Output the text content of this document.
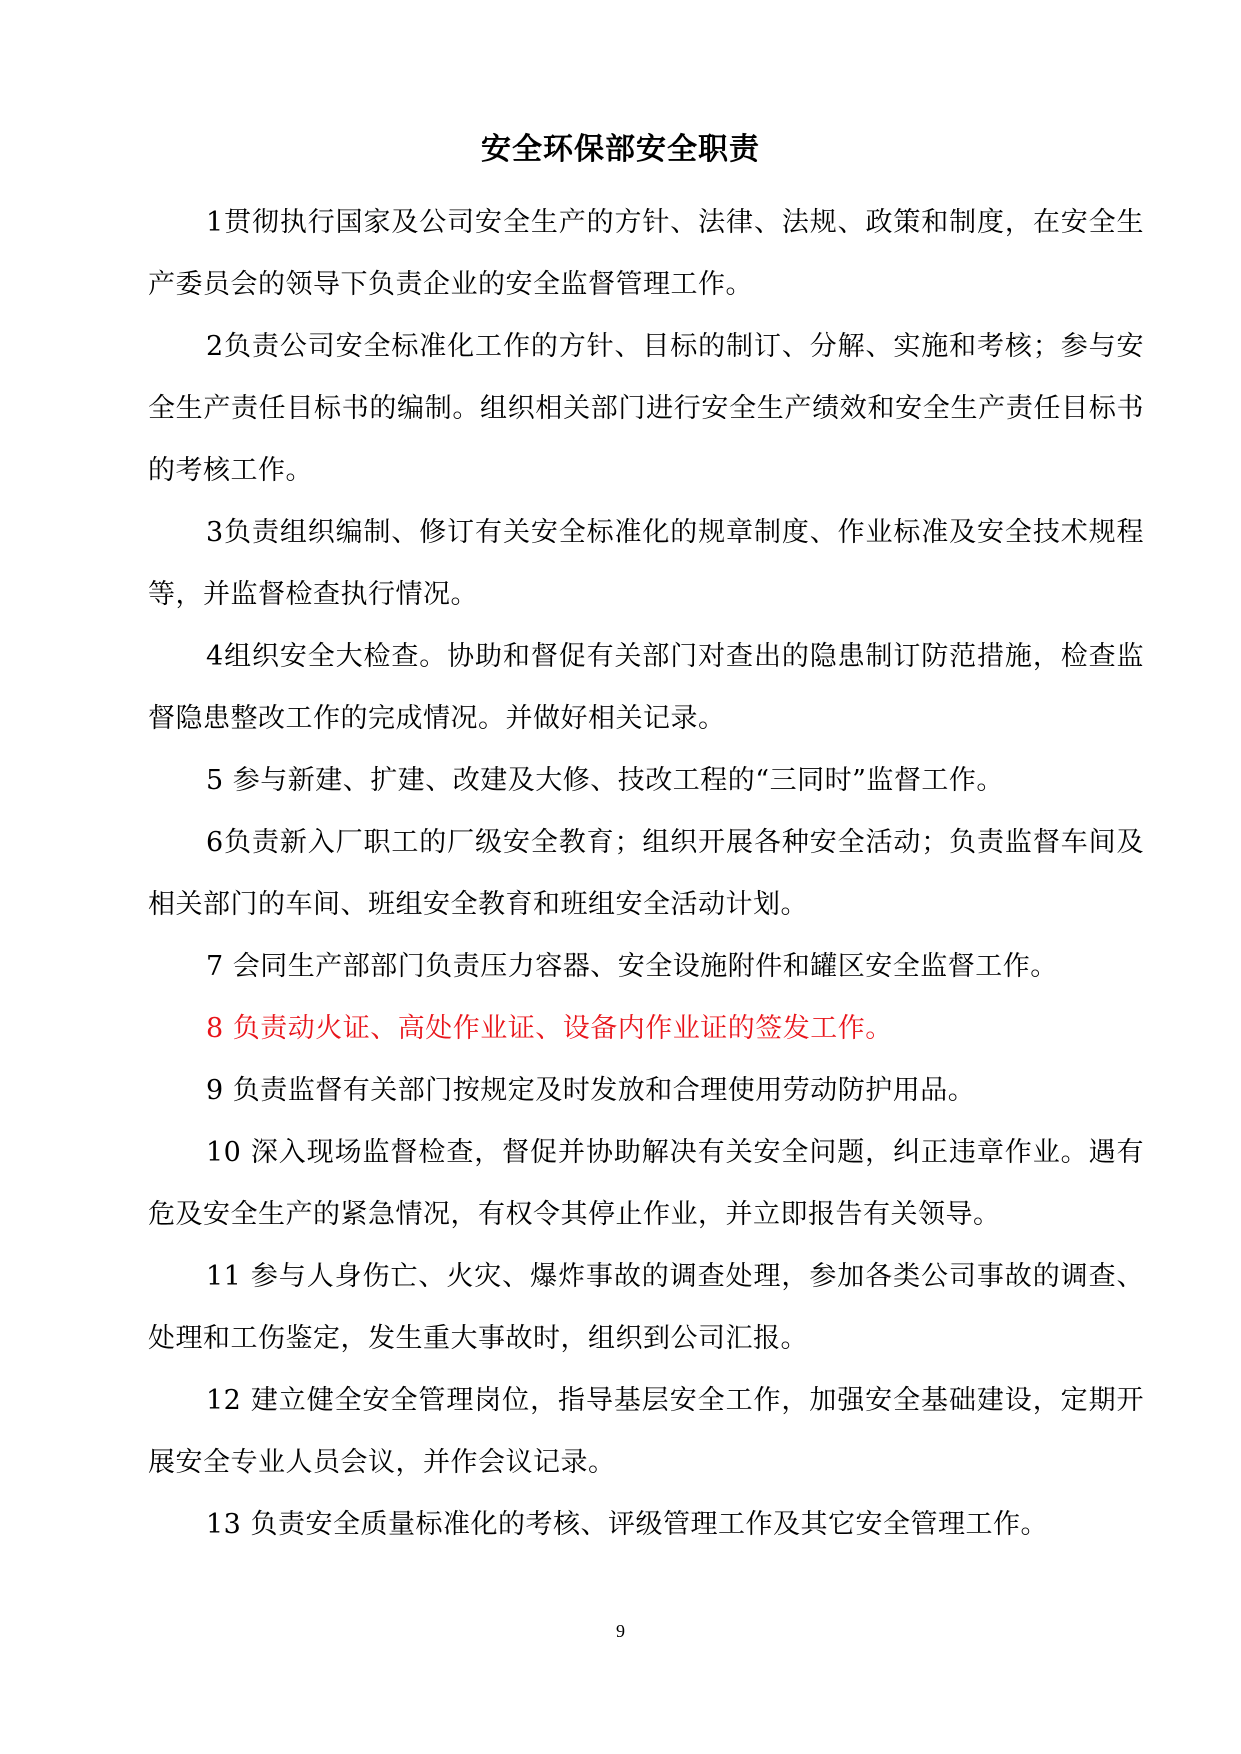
安全环保部安全职责

1贯彻执行国家及公司安全生产的方针、法律、法规、政策和制度，在安全生产委员会的领导下负责企业的安全监督管理工作。

2负责公司安全标准化工作的方针、目标的制订、分解、实施和考核；参与安全生产责任目标书的编制。组织相关部门进行安全生产绩效和安全生产责任目标书的考核工作。

3负责组织编制、修订有关安全标准化的规章制度、作业标准及安全技术规程等，并监督检查执行情况。

4组织安全大检查。协助和督促有关部门对查出的隐患制订防范措施，检查监督隐患整改工作的完成情况。并做好相关记录。

5 参与新建、扩建、改建及大修、技改工程的“三同时”监督工作。

6负责新入厂职工的厂级安全教育；组织开展各种安全活动；负责监督车间及相关部门的车间、班组安全教育和班组安全活动计划。

7 会同生产部部门负责压力容器、安全设施附件和罐区安全监督工作。

8 负责动火证、高处作业证、设备内作业证的签发工作。

9 负责监督有关部门按规定及时发放和合理使用劳动防护用品。

10 深入现场监督检查，督促并协助解决有关安全问题，纠正违章作业。遇有危及安全生产的紧急情况，有权令其停止作业，并立即报告有关领导。

11 参与人身伤亡、火灾、爆炸事故的调查处理，参加各类公司事故的调查、处理和工伤鉴定，发生重大事故时，组织到公司汇报。

12 建立健全安全管理岗位，指导基层安全工作，加强安全基础建设，定期开展安全专业人员会议，并作会议记录。

13 负责安全质量标准化的考核、评级管理工作及其它安全管理工作。

9
